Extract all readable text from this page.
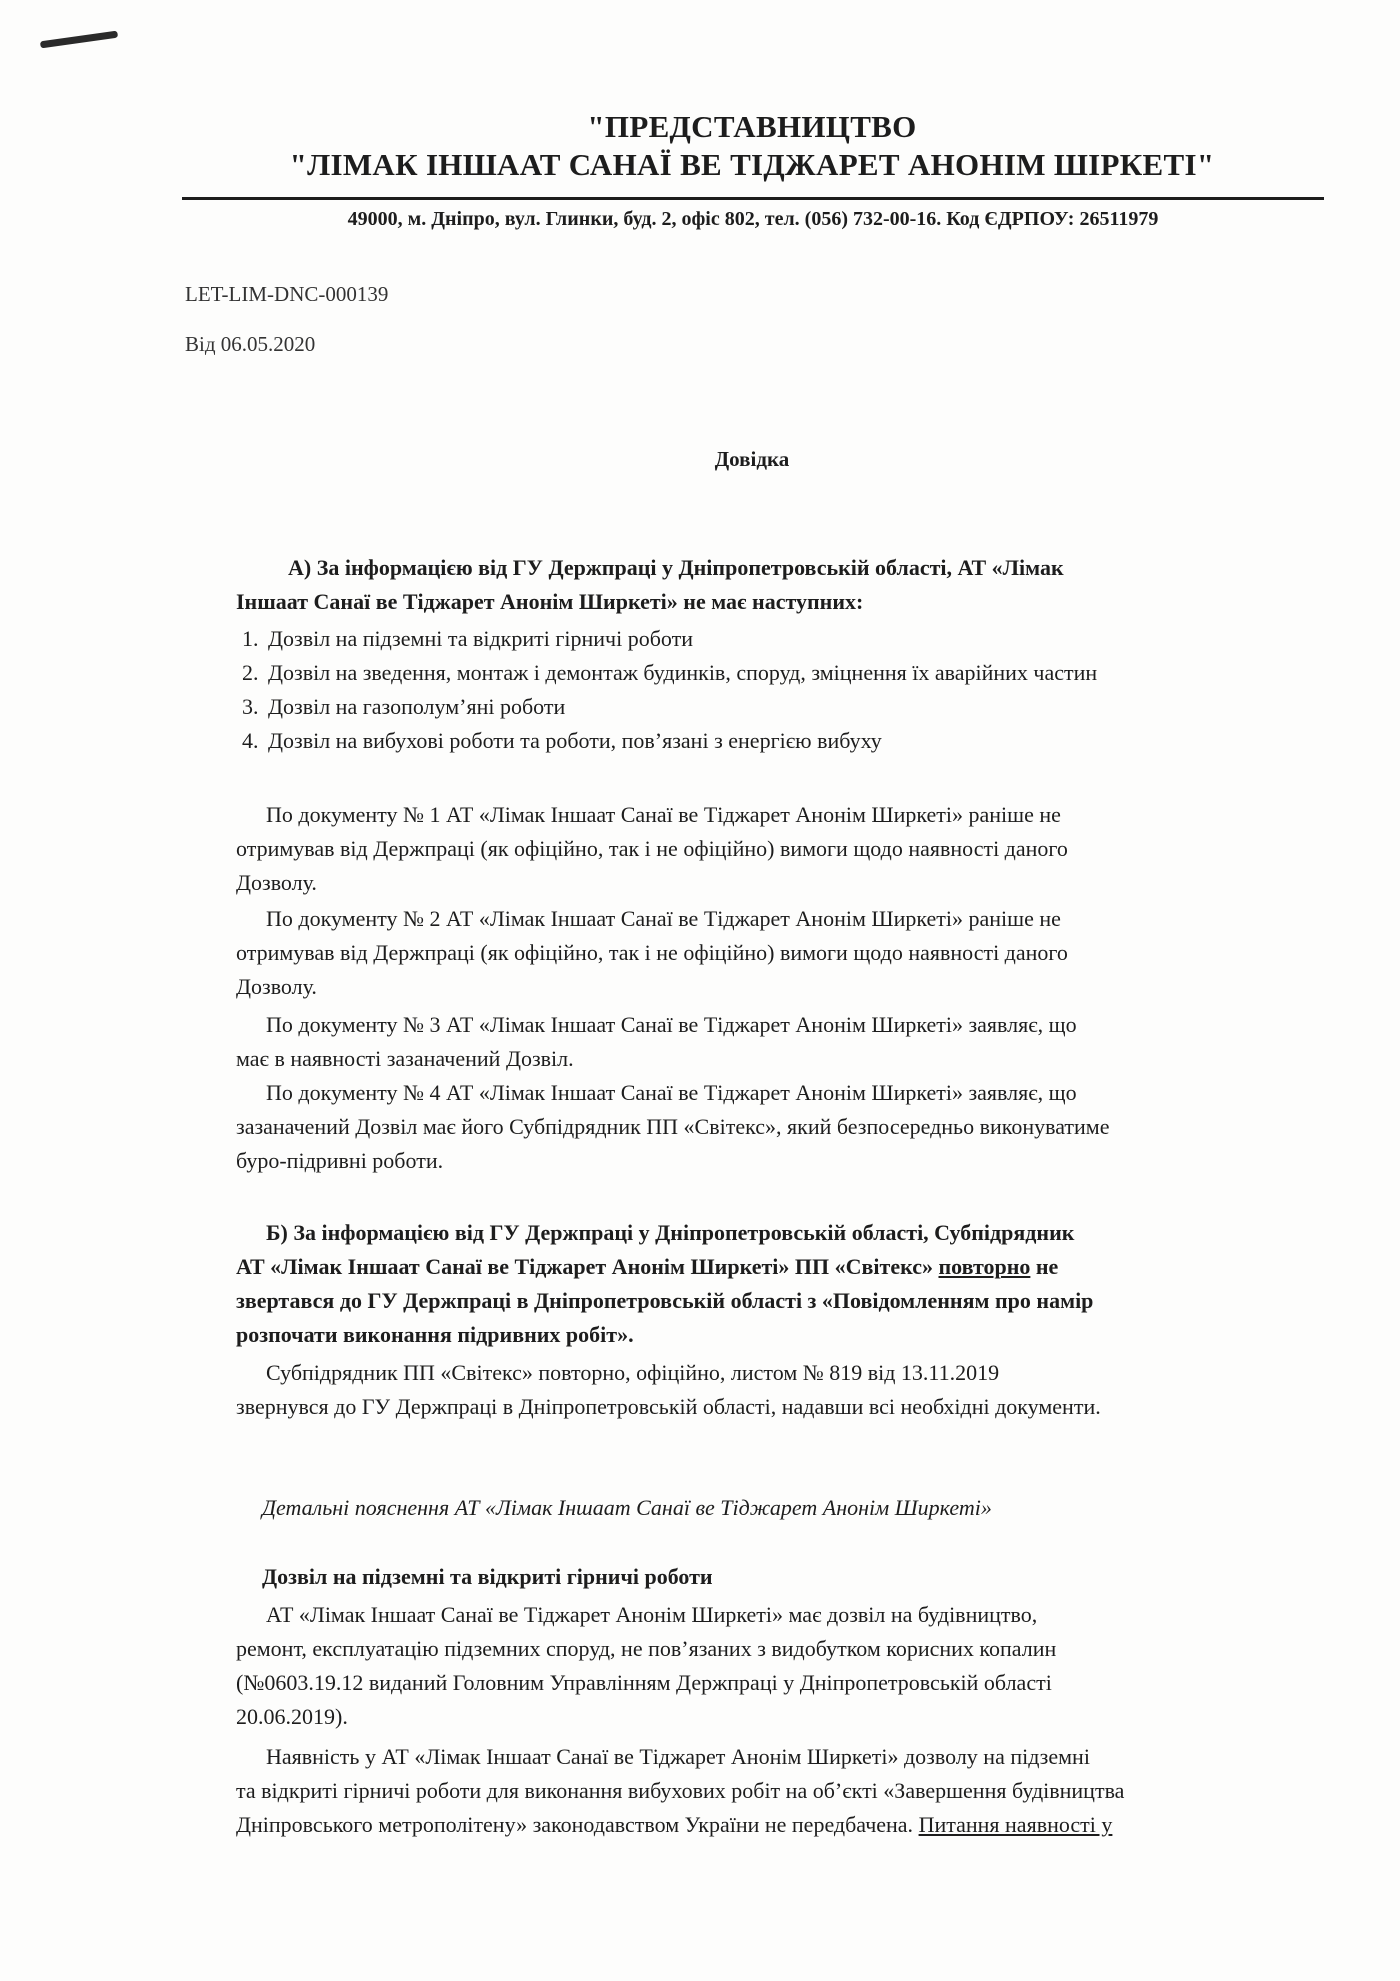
"ПРЕДСТАВНИЦТВО
"ЛІМАК ІНШААТ САНАЇ ВЕ ТІДЖАРЕТ АНОНІМ ШІРКЕТІ"
49000, м. Дніпро, вул. Глинки, буд. 2, офіс 802, тел. (056) 732-00-16. Код ЄДРПОУ: 26511979
LET-LIM-DNC-000139
Від 06.05.2020
Довідка
А) За інформацією від ГУ Держпраці у Дніпропетровській області, АТ «Лімак
Іншаат Санаї ве Тіджарет Анонім Ширкеті» не має наступних:
1. Дозвіл на підземні та відкриті гірничі роботи
2. Дозвіл на зведення, монтаж і демонтаж будинків, споруд, зміцнення їх аварійних частин
3. Дозвіл на газополум’яні роботи
4. Дозвіл на вибухові роботи та роботи, пов’язані з енергією вибуху
По документу № 1 АТ «Лімак Іншаат Санаї ве Тіджарет Анонім Ширкеті» раніше не
отримував від Держпраці (як офіційно, так і не офіційно) вимоги щодо наявності даного
Дозволу.
По документу № 2 АТ «Лімак Іншаат Санаї ве Тіджарет Анонім Ширкеті» раніше не
отримував від Держпраці (як офіційно, так і не офіційно) вимоги щодо наявності даного
Дозволу.
По документу № 3 АТ «Лімак Іншаат Санаї ве Тіджарет Анонім Ширкеті» заявляє, що
має в наявності зазаначений Дозвіл.
По документу № 4 АТ «Лімак Іншаат Санаї ве Тіджарет Анонім Ширкеті» заявляє, що
зазаначений Дозвіл має його Субпідрядник ПП «Світекс», який безпосередньо виконуватиме
буро-підривні роботи.
Б) За інформацією від ГУ Держпраці у Дніпропетровській області, Субпідрядник
АТ «Лімак Іншаат Санаї ве Тіджарет Анонім Ширкеті» ПП «Світекс» повторно не
звертався до ГУ Держпраці в Дніпропетровській області з «Повідомленням про намір
розпочати виконання підривних робіт».
Субпідрядник ПП «Світекс» повторно, офіційно, листом № 819 від 13.11.2019
звернувся до ГУ Держпраці в Дніпропетровській області, надавши всі необхідні документи.
Детальні пояснення АТ «Лімак Іншаат Санаї ве Тіджарет Анонім Ширкеті»
Дозвіл на підземні та відкриті гірничі роботи
АТ «Лімак Іншаат Санаї ве Тіджарет Анонім Ширкеті» має дозвіл на будівництво,
ремонт, експлуатацію підземних споруд, не пов’язаних з видобутком корисних копалин
(№0603.19.12 виданий Головним Управлінням Держпраці у Дніпропетровській області
20.06.2019).
Наявність у АТ «Лімак Іншаат Санаї ве Тіджарет Анонім Ширкеті» дозволу на підземні
та відкриті гірничі роботи для виконання вибухових робіт на об’єкті «Завершення будівництва
Дніпровського метрополітену» законодавством України не передбачена. Питання наявності у
